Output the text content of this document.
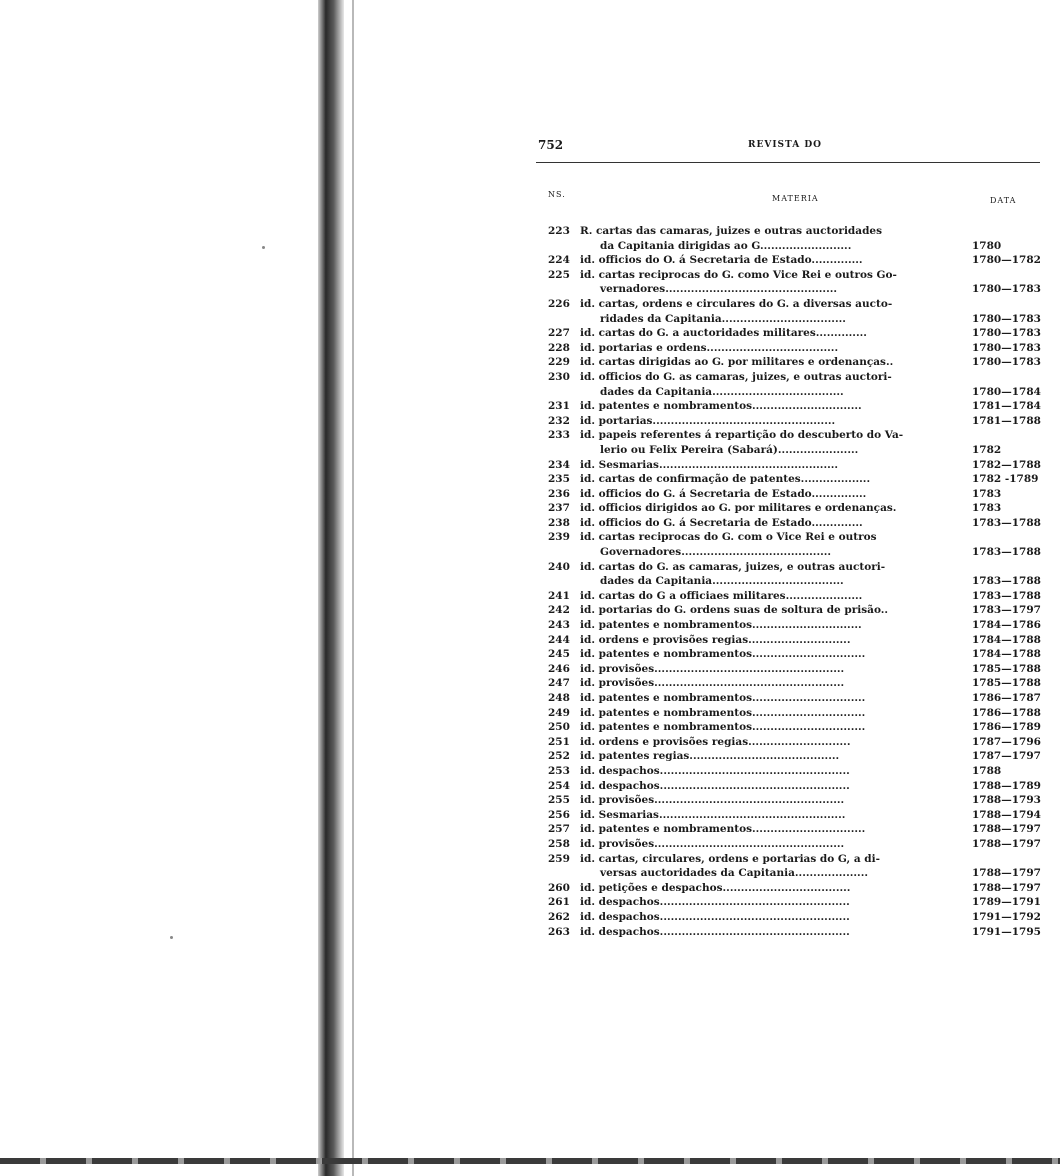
752	REVISTA DO
NS.	MATERIA	DATA
223 R. cartas das camaras, juizes e outras auctoridades
da Capitania dirigidas ao G.........................	1780
224 id. officios do O. á Secretaria de Estado..............	1780—1782
225 id. cartas reciprocas do G. como Vice Rei e outros Go-
vernadores...............................................	1780—1783
226 id. cartas, ordens e circulares do G. a diversas aucto-
ridades da Capitania..................................	1780—1783
227 id. cartas do G. a auctoridades militares..............	1780—1783
228 id. portarias e ordens....................................	1780—1783
229 id. cartas dirigidas ao G. por militares e ordenanças..	1780—1783
230 id. officios do G. as camaras, juizes, e outras auctori-
dades da Capitania....................................	1780—1784
231 id. patentes e nombramentos..............................	1781—1784
232 id. portarias..................................................	1781—1788
233 id. papeis referentes á repartição do descuberto do Va-
lerio ou Felix Pereira (Sabará)......................	1782
234 id. Sesmarias.................................................	1782—1788
235 id. cartas de confirmação de patentes...................	1782 -1789
236 id. officios do G. á Secretaria de Estado...............	1783
237 id. officios dirigidos ao G. por militares e ordenanças.	1783
238 id. officios do G. á Secretaria de Estado..............	1783—1788
239 id. cartas reciprocas do G. com o Vice Rei e outros
Governadores.........................................	1783—1788
240 id. cartas do G. as camaras, juizes, e outras auctori-
dades da Capitania....................................	1783—1788
241 id. cartas do G a officiaes militares.....................	1783—1788
242 id. portarias do G. ordens suas de soltura de prisão..	1783—1797
243 id. patentes e nombramentos..............................	1784—1786
244 id. ordens e provisões regias............................	1784—1788
245 id. patentes e nombramentos...............................	1784—1788
246 id. provisões....................................................	1785—1788
247 id. provisões....................................................	1785—1788
248 id. patentes e nombramentos...............................	1786—1787
249 id. patentes e nombramentos...............................	1786—1788
250 id. patentes e nombramentos...............................	1786—1789
251 id. ordens e provisões regias............................	1787—1796
252 id. patentes regias.........................................	1787—1797
253 id. despachos....................................................	1788
254 id. despachos....................................................	1788—1789
255 id. provisões....................................................	1788—1793
256 id. Sesmarias...................................................	1788—1794
257 id. patentes e nombramentos...............................	1788—1797
258 id. provisões....................................................	1788—1797
259 id. cartas, circulares, ordens e portarias do G, a di-
versas auctoridades da Capitania....................	1788—1797
260 id. petições e despachos...................................	1788—1797
261 id. despachos....................................................	1789—1791
262 id. despachos....................................................	1791—1792
263 id. despachos....................................................	1791—1795
